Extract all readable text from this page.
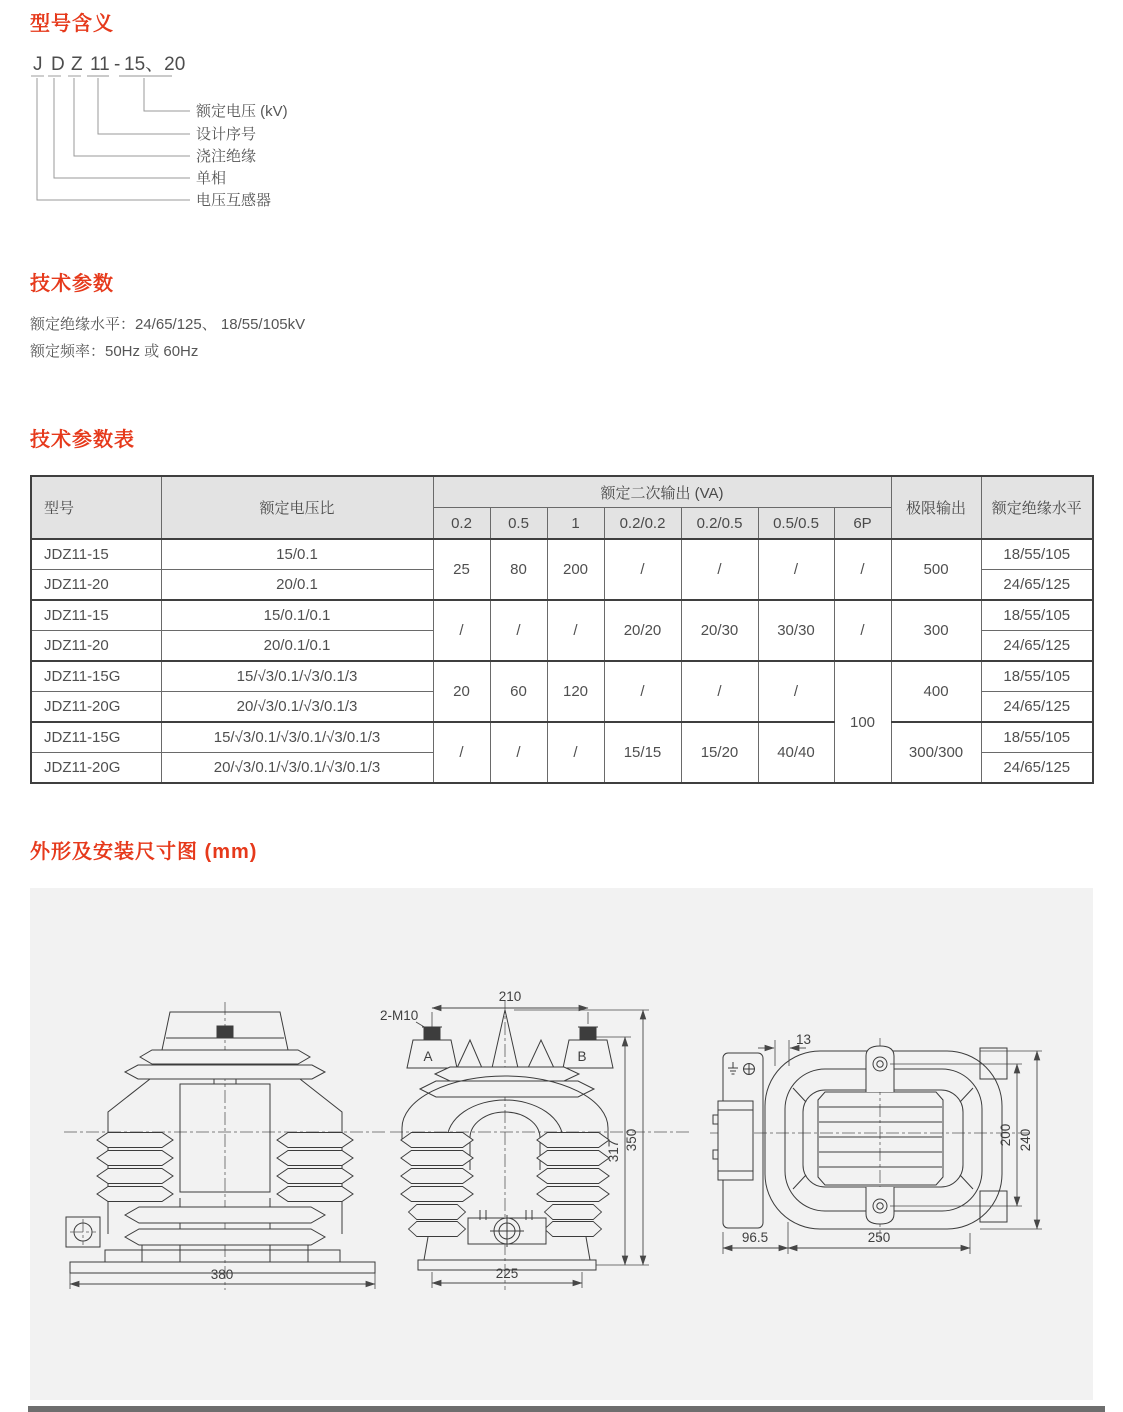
型号含义
J D Z 11 - 15、20
额定电压 (kV)
设计序号
浇注绝缘
单相
电压互感器
技术参数

额定绝缘水平：24/65/125、 18/55/105kV

额定频率：50Hz 或 60Hz

技术参数表
型号	额定电压比	额定二次输出 (VA)							极限输出	额定绝缘水平
		0.2	0.5	1	0.2/0.2	0.2/0.5	0.5/0.5	6P		
JDZ11-15	15/0.1	25	80	200	/	/	/	/	500	18/55/105
JDZ11-20	20/0.1									24/65/125
JDZ11-15	15/0.1/0.1	/	/	/	20/20	20/30	30/30	/	300	18/55/105
JDZ11-20	20/0.1/0.1									24/65/125
JDZ11-15G	15/√3/0.1/√3/0.1/3	20	60	120	/	/	/	100	400	18/55/105
JDZ11-20G	20/√3/0.1/√3/0.1/3									24/65/125
JDZ11-15G	15/√3/0.1/√3/0.1/√3/0.1/3	/	/	/	15/15	15/20	40/40		300/300	18/55/105
JDZ11-20G	20/√3/0.1/√3/0.1/√3/0.1/3									24/65/125
外形及安装尺寸图 (mm)
380
210
2-M10
A	B
225
317 350
13
96.5	250
200 240
